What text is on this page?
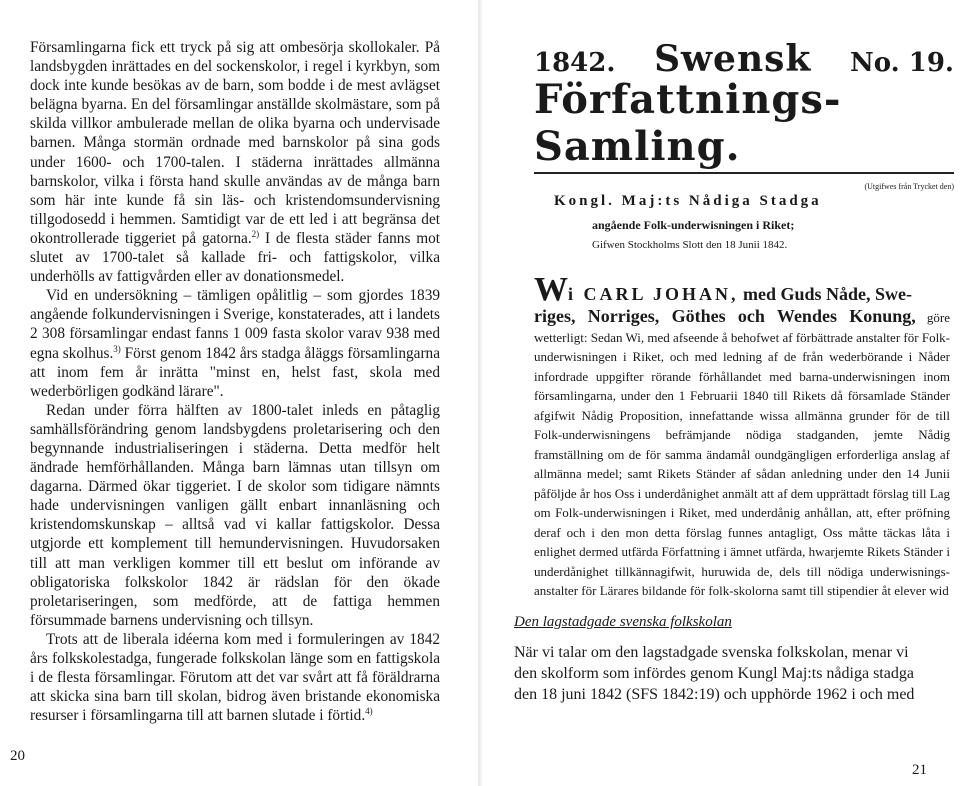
Församlingarna fick ett tryck på sig att ombesörja skollokaler. På landsbygden inrättades en del sockenskolor, i regel i kyrkbyn, som dock inte kunde besökas av de barn, som bodde i de mest avlägset belägna byarna. En del församlingar anställde skolmästare, som på skilda villkor ambulerade mellan de olika byarna och undervisade barnen. Många stormän ordnade med barnskolor på sina gods under 1600- och 1700-talen. I städerna inrättades allmänna barnskolor, vilka i första hand skulle användas av de många barn som här inte kunde få sin läs- och kristendomsundervisning tillgodosedd i hemmen. Samtidigt var de ett led i att begränsa det okontrollerade tiggeriet på gatorna.$^{2)}$ I de flesta städer fanns mot slutet av 1700-talet så kallade fri- och fattigskolor, vilka underhölls av fattigvården eller av donationsmedel.

Vid en undersökning – tämligen opålitlig – som gjordes 1839 angående folkundervisningen i Sverige, konstaterades, att i landets 2 308 församlingar endast fanns 1 009 fasta skolor varav 938 med egna skolhus.$^{3)}$ Först genom 1842 års stadga åläggs församlingarna att inom fem år inrätta "minst en, helst fast, skola med wederbörligen godkänd lärare".

Redan under förra hälften av 1800-talet inleds en påtaglig samhällsförändring genom landsbygdens proletarisering och den begynnande industrialiseringen i städerna. Detta medför helt ändrade hemförhållanden. Många barn lämnas utan tillsyn om dagarna. Därmed ökar tiggeriet. I de skolor som tidigare nämnts hade undervisningen vanligen gällt enbart innanläsning och kristendomskunskap – alltså vad vi kallar fattigskolor. Dessa utgjorde ett komplement till hemundervisningen. Huvudorsaken till att man verkligen kommer till ett beslut om införande av obligatoriska folkskolor 1842 är rädslan för den ökade proletariseringen, som medförde, att de fattiga hemmen försummade barnens undervisning och tillsyn.

Trots att de liberala idéerna kom med i formuleringen av 1842 års folkskolestadga, fungerade folkskolan länge som en fattigskola i de flesta församlingar. Förutom att det var svårt att få föräldrarna att skicka sina barn till skolan, bidrog även bristande ekonomiska resurser i församlingarna till att barnen slutade i förtid.$^{4)}$

20
1842. Swensk No. 19.
Författnings-Samling.
(Utgifwes från Trycket den)
Kongl. Maj:ts Nådiga Stadga
angående Folk-underwisningen i Riket;
Gifwen Stockholms Slott den 18 Junii 1842.
Wi CARL JOHAN, med Guds Nåde, Swe-
riges, Norriges, Göthes och Wendes Konung, göre wetterligt: Sedan Wi, med afseende å behofwet af förbättrade anstalter för Folk-underwisningen i Riket, och med ledning af de från wederbörande i Nåder infordrade uppgifter rörande förhållandet med barna-underwisningen inom församlingarna, under den 1 Februarii 1840 till Rikets då församlade Ständer afgifwit Nådig Proposition, innefattande wissa allmänna grunder för de till Folk-underwisningens befrämjande nödiga stadganden, jemte Nådig framställning om de för samma ändamål oundgängligen erforderliga anslag af allmänna medel; samt Rikets Ständer af sådan anledning under den 14 Junii påföljde år hos Oss i underdånighet anmält att af dem upprättadt förslag till Lag om Folk-underwisningen i Riket, med underdånig anhållan, att, efter pröfning deraf och i den mon detta förslag funnes antagligt, Oss måtte täckas låta i enlighet dermed utfärda Författning i ämnet utfärda, hwarjemte Rikets Ständer i underdånighet tillkännagifwit, huruwida de, dels till nödiga underwisnings-anstalter för Lärares bildande för folk-skolorna samt till stipendier åt elever wid
Den lagstadgade svenska folkskolan

När vi talar om den lagstadgade svenska folkskolan, menar vi den skolform som infördes genom Kungl Maj:ts nådiga stadga den 18 juni 1842 (SFS 1842:19) och upphörde 1962 i och med

21
